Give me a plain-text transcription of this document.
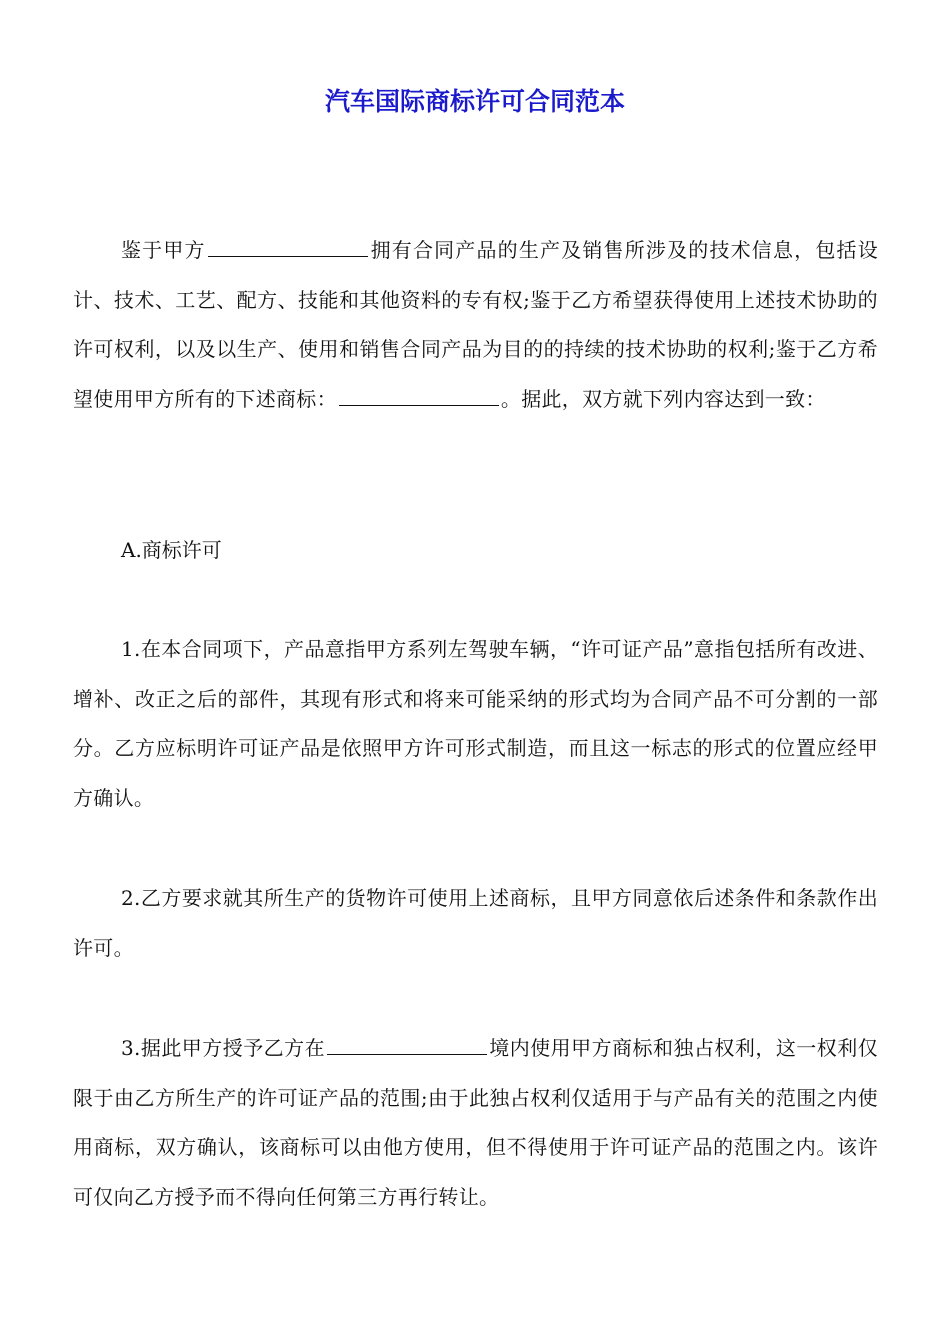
汽车国际商标许可合同范本

鉴于甲方	拥有合同产品的生产及销售所涉及的技术信息，包括设计、技术、工艺、配方、技能和其他资料的专有权;鉴于乙方希望获得使用上述技术协助的许可权利，以及以生产、使用和销售合同产品为目的的持续的技术协助的权利;鉴于乙方希望使用甲方所有的下述商标：	。据此，双方就下列内容达到一致：

A.商标许可

1.在本合同项下，产品意指甲方系列左驾驶车辆，“许可证产品”意指包括所有改进、增补、改正之后的部件，其现有形式和将来可能采纳的形式均为合同产品不可分割的一部分。乙方应标明许可证产品是依照甲方许可形式制造，而且这一标志的形式的位置应经甲方确认。

2.乙方要求就其所生产的货物许可使用上述商标，且甲方同意依后述条件和条款作出许可。

3.据此甲方授予乙方在	境内使用甲方商标和独占权利，这一权利仅限于由乙方所生产的许可证产品的范围;由于此独占权利仅适用于与产品有关的范围之内使用商标，双方确认，该商标可以由他方使用，但不得使用于许可证产品的范围之内。该许可仅向乙方授予而不得向任何第三方再行转让。
